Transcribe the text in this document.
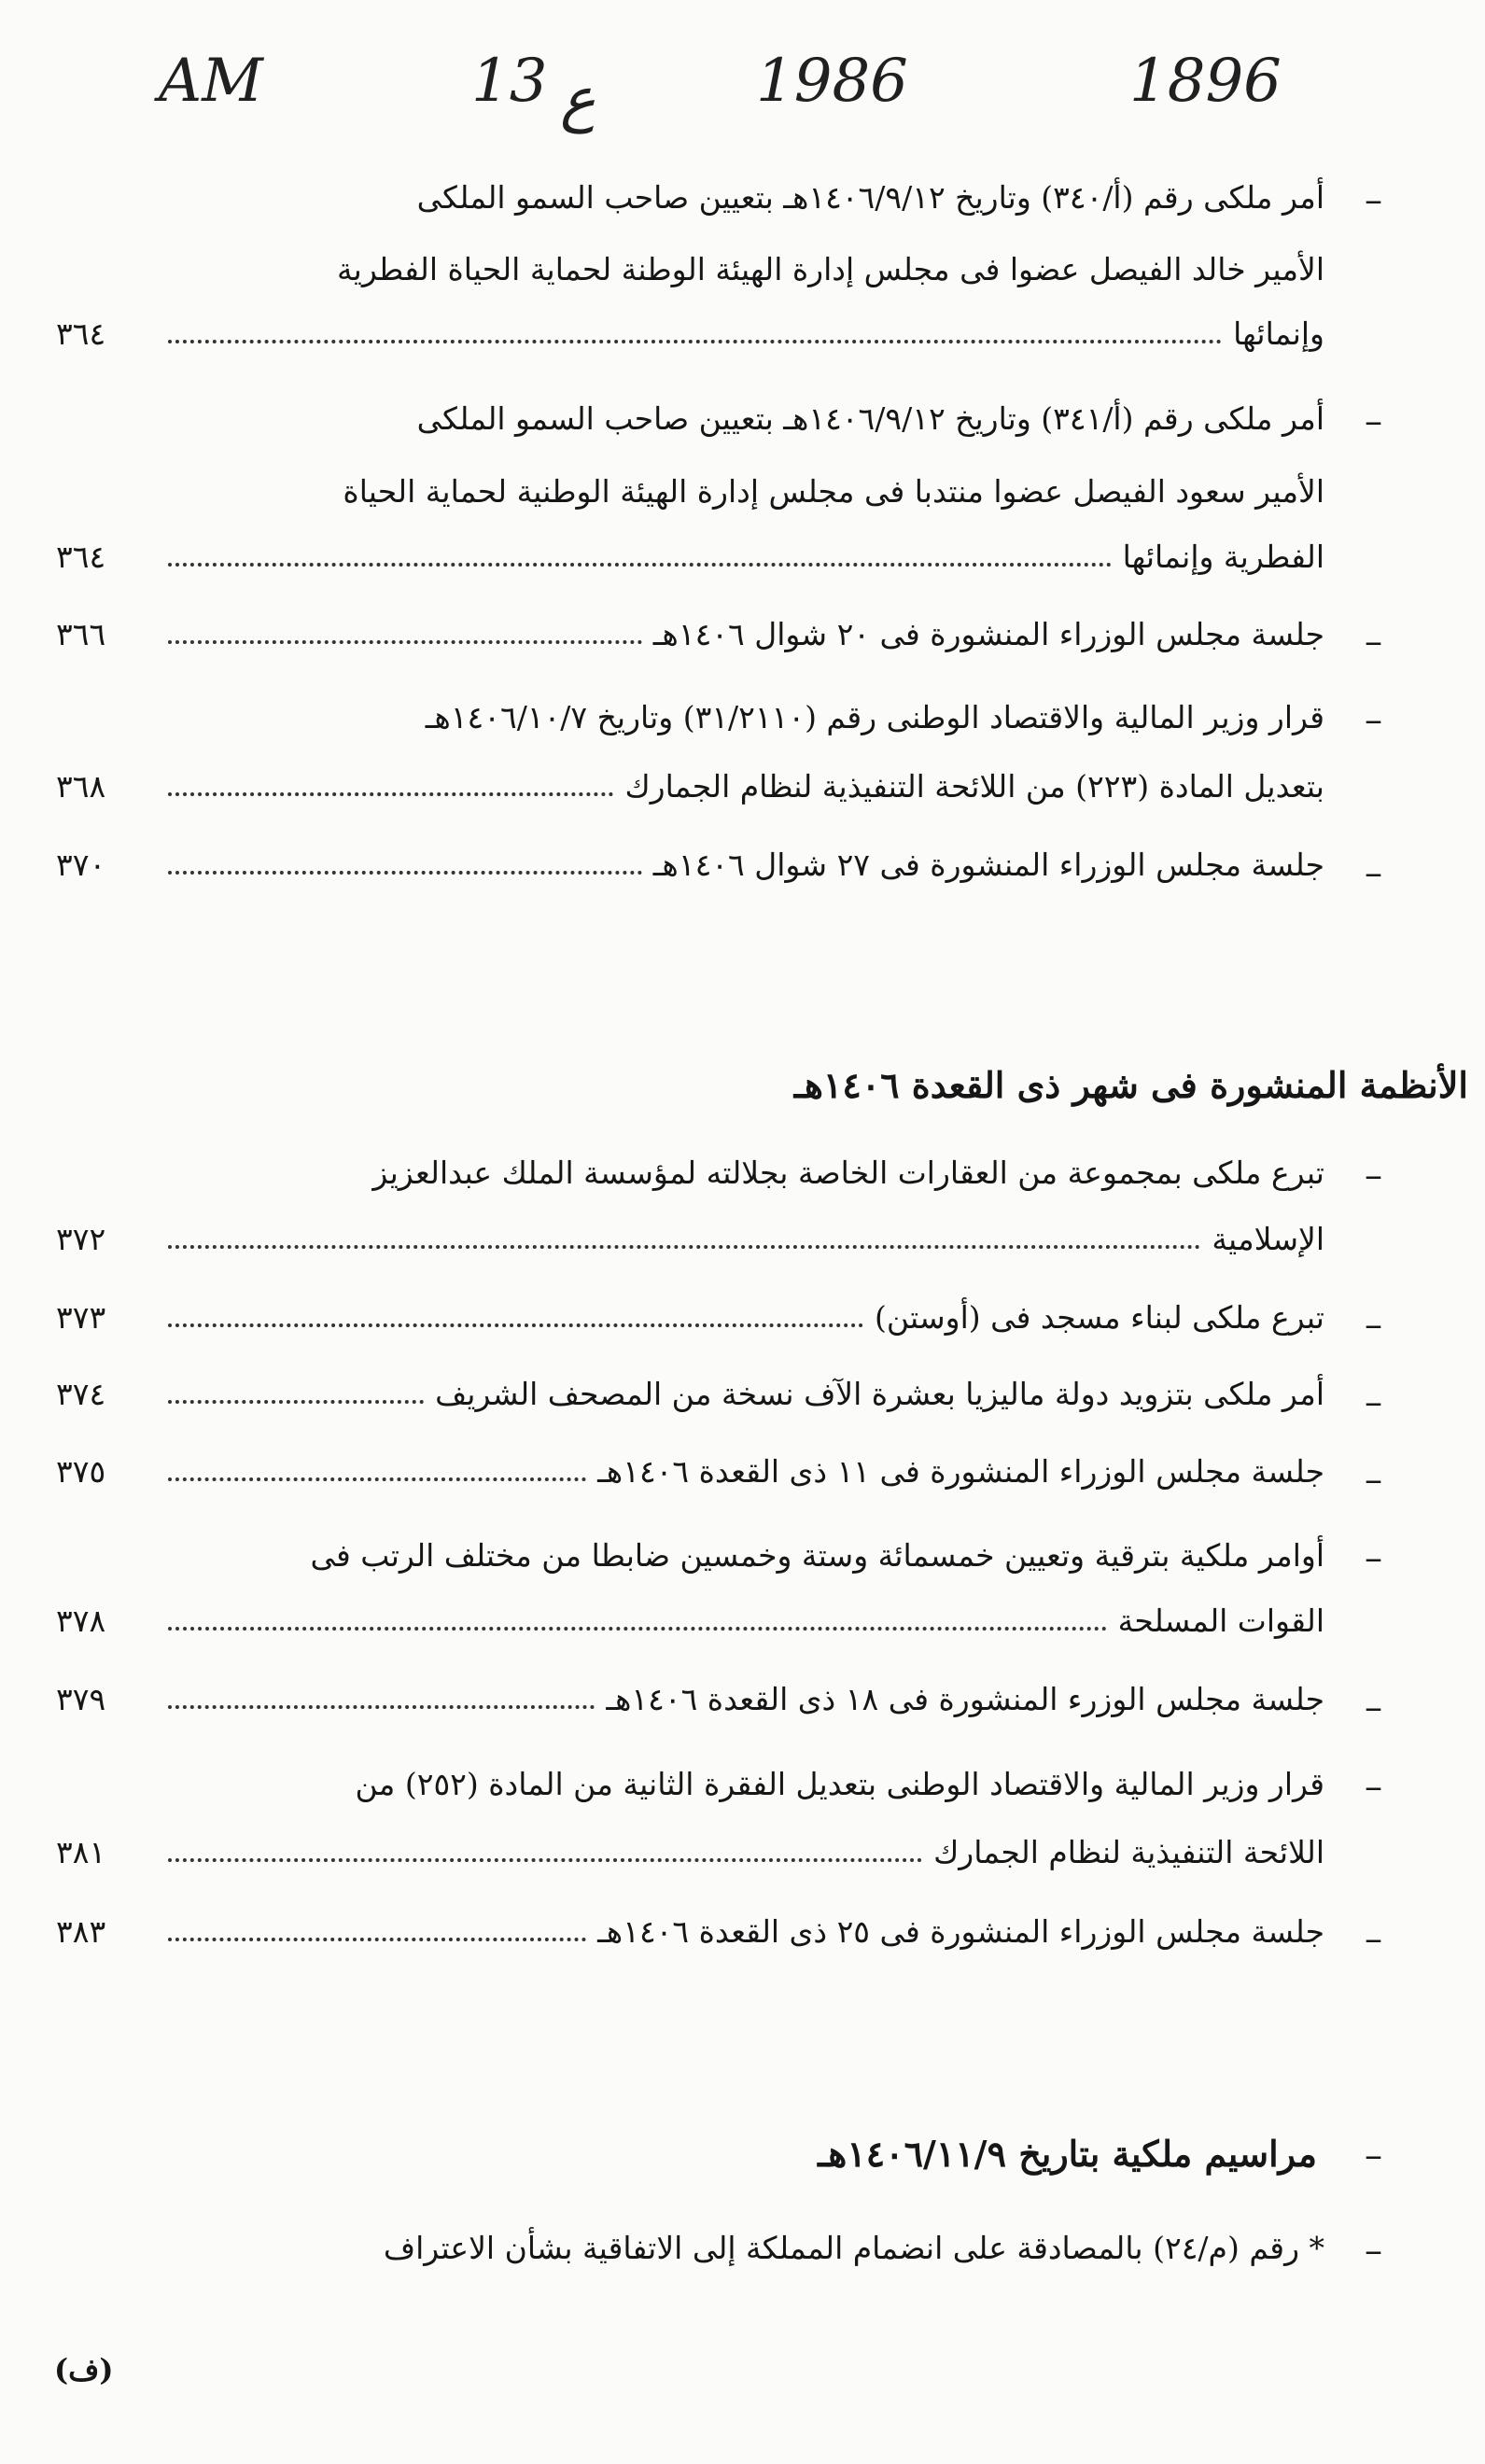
AM	13 ع	1986	1896
–
أمر ملكى رقم (أ/٣٤٠) وتاريخ ١٤٠٦/٩/١٢هـ بتعيين صاحب السمو الملكى
الأمير خالد الفيصل عضوا فى مجلس إدارة الهيئة الوطنة لحماية الحياة الفطرية
وإنمائها
٣٦٤
–
أمر ملكى رقم (أ/٣٤١) وتاريخ ١٤٠٦/٩/١٢هـ بتعيين صاحب السمو الملكى
الأمير سعود الفيصل عضوا منتدبا فى مجلس إدارة الهيئة الوطنية لحماية الحياة
الفطرية وإنمائها
٣٦٤
–
جلسة مجلس الوزراء المنشورة فى ٢٠ شوال ١٤٠٦هـ
٣٦٦
–
قرار وزير المالية والاقتصاد الوطنى رقم (٣١/٢١١٠) وتاريخ ١٤٠٦/١٠/٧هـ
بتعديل المادة (٢٢٣) من اللائحة التنفيذية لنظام الجمارك
٣٦٨
–
جلسة مجلس الوزراء المنشورة فى ٢٧ شوال ١٤٠٦هـ
٣٧٠
الأنظمة المنشورة فى شهر ذى القعدة ١٤٠٦هـ
–
تبرع ملكى بمجموعة من العقارات الخاصة بجلالته لمؤسسة الملك عبدالعزيز
الإسلامية
٣٧٢
–
تبرع ملكى لبناء مسجد فى (أوستن)
٣٧٣
–
أمر ملكى بتزويد دولة ماليزيا بعشرة الآف نسخة من المصحف الشريف
٣٧٤
–
جلسة مجلس الوزراء المنشورة فى ١١ ذى القعدة ١٤٠٦هـ
٣٧٥
–
أوامر ملكية بترقية وتعيين خمسمائة وستة وخمسين ضابطا من مختلف الرتب فى
القوات المسلحة
٣٧٨
–
جلسة مجلس الوزرء المنشورة فى ١٨ ذى القعدة ١٤٠٦هـ
٣٧٩
–
قرار وزير المالية والاقتصاد الوطنى بتعديل الفقرة الثانية من المادة (٢٥٢) من
اللائحة التنفيذية لنظام الجمارك
٣٨١
–
جلسة مجلس الوزراء المنشورة فى ٢٥ ذى القعدة ١٤٠٦هـ
٣٨٣
–
مراسيم ملكية بتاريخ ١٤٠٦/١١/٩هـ
–
* رقم (م/٢٤) بالمصادقة على انضمام المملكة إلى الاتفاقية بشأن الاعتراف
(ف)
